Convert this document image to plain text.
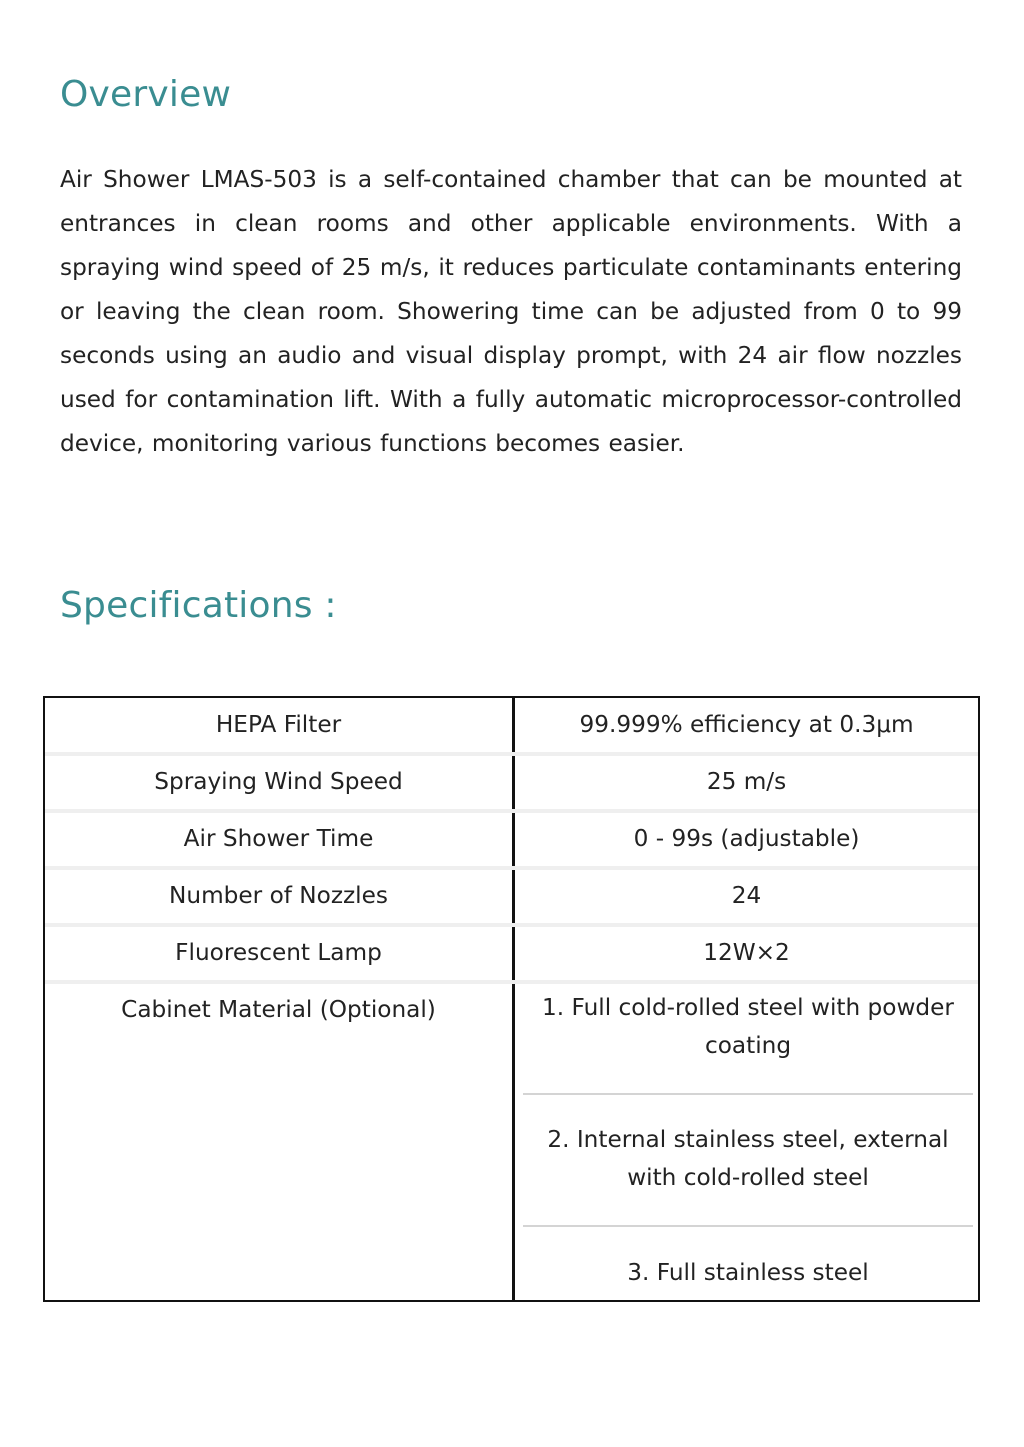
Overview

Air Shower LMAS-503 is a self-contained chamber that can be mounted at entrances in clean rooms and other applicable environments. With a spraying wind speed of 25 m/s, it reduces particulate contaminants entering or leaving the clean room. Showering time can be adjusted from 0 to 99 seconds using an audio and visual display prompt, with 24 air flow nozzles used for contamination lift. With a fully automatic microprocessor-controlled device, monitoring various functions becomes easier.

Specifications :
HEPA Filter	99.999% efficiency at 0.3μm
Spraying Wind Speed	25 m/s
Air Shower Time	0 - 99s (adjustable)
Number of Nozzles	24
Fluorescent Lamp	12W×2
Cabinet Material (Optional)	1. Full cold-rolled steel with powder coating
2. Internal stainless steel, external with cold-rolled steel
3. Full stainless steel
